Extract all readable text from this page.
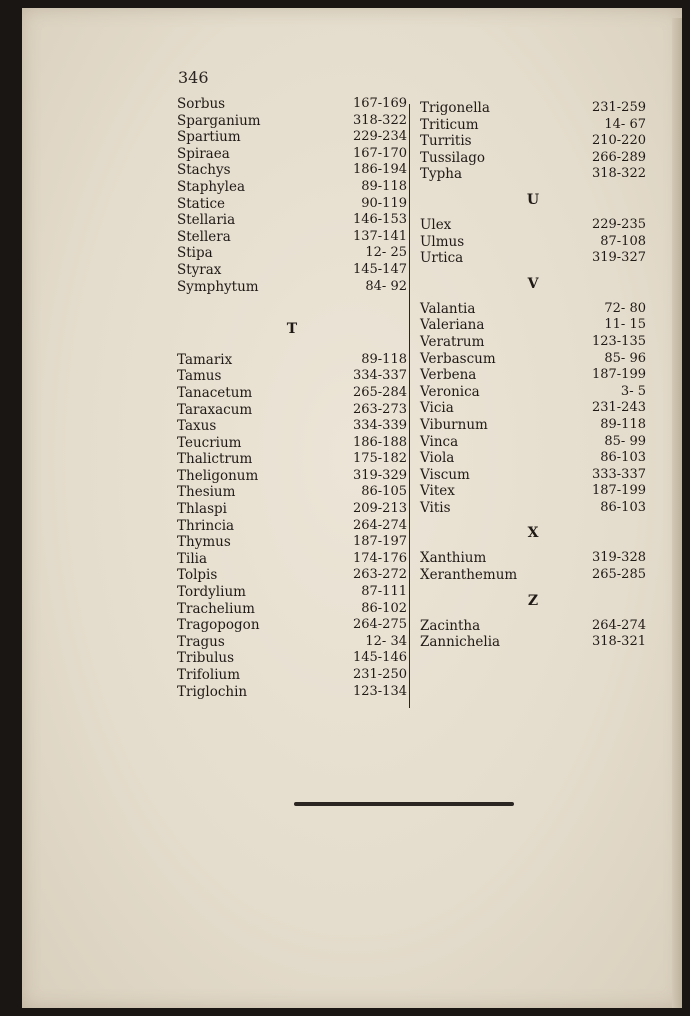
346
Sorbus	167-169
Sparganium	318-322
Spartium	229-234
Spiraea	167-170
Stachys	186-194
Staphylea	89-118
Statice	90-119
Stellaria	146-153
Stellera	137-141
Stipa	12- 25
Styrax	145-147
Symphytum	84- 92
T
Tamarix	89-118
Tamus	334-337
Tanacetum	265-284
Taraxacum	263-273
Taxus	334-339
Teucrium	186-188
Thalictrum	175-182
Theligonum	319-329
Thesium	86-105
Thlaspi	209-213
Thrincia	264-274
Thymus	187-197
Tilia	174-176
Tolpis	263-272
Tordylium	87-111
Trachelium	86-102
Tragopogon	264-275
Tragus	12- 34
Tribulus	145-146
Trifolium	231-250
Triglochin	123-134
Trigonella	231-259
Triticum	14- 67
Turritis	210-220
Tussilago	266-289
Typha	318-322
U
Ulex	229-235
Ulmus	87-108
Urtica	319-327
V
Valantia	72- 80
Valeriana	11- 15
Veratrum	123-135
Verbascum	85- 96
Verbena	187-199
Veronica	3- 5
Vicia	231-243
Viburnum	89-118
Vinca	85- 99
Viola	86-103
Viscum	333-337
Vitex	187-199
Vitis	86-103
X
Xanthium	319-328
Xeranthemum	265-285
Z
Zacintha	264-274
Zannichelia	318-321
